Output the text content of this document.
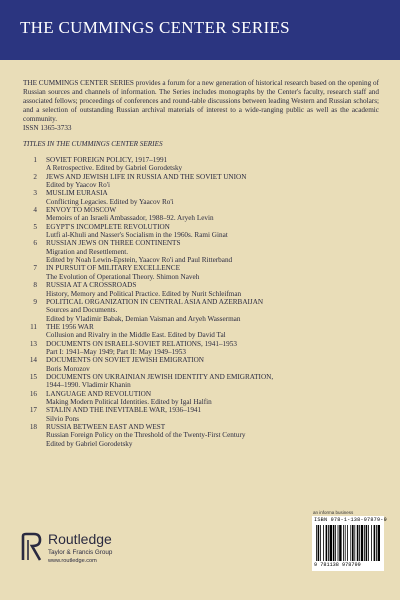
THE CUMMINGS CENTER SERIES
THE CUMMINGS CENTER SERIES provides a forum for a new generation of historical research based on the opening of Russian sources and channels of information. The Series includes monographs by the Center's faculty, research staff and associated fellows; proceedings of conferences and round-table discussions between leading Western and Russian scholars; and a selection of outstanding Russian archival materials of interest to a wide-ranging public as well as the academic community.
ISSN 1365-3733
TITLES IN THE CUMMINGS CENTER SERIES
1 SOVIET FOREIGN POLICY, 1917–1991
A Retrospective. Edited by Gabriel Gorodetsky
2 JEWS AND JEWISH LIFE IN RUSSIA AND THE SOVIET UNION
Edited by Yaacov Ro'i
3 MUSLIM EURASIA
Conflicting Legacies. Edited by Yaacov Ro'i
4 ENVOY TO MOSCOW
Memoirs of an Israeli Ambassador, 1988–92. Aryeh Levin
5 EGYPT'S INCOMPLETE REVOLUTION
Lutfi al-Khuli and Nasser's Socialism in the 1960s. Rami Ginat
6 RUSSIAN JEWS ON THREE CONTINENTS
Migration and Resettlement.
Edited by Noah Lewin-Epstein, Yaacov Ro'i and Paul Ritterband
7 IN PURSUIT OF MILITARY EXCELLENCE
The Evolution of Operational Theory. Shimon Naveh
8 RUSSIA AT A CROSSROADS
History, Memory and Political Practice. Edited by Nurit Schleifman
9 POLITICAL ORGANIZATION IN CENTRAL ASIA AND AZERBAIJAN
Sources and Documents.
Edited by Vladimir Babak, Demian Vaisman and Aryeh Wasserman
11 THE 1956 WAR
Collusion and Rivalry in the Middle East. Edited by David Tal
13 DOCUMENTS ON ISRAELI-SOVIET RELATIONS, 1941–1953
Part I: 1941–May 1949; Part II: May 1949–1953
14 DOCUMENTS ON SOVIET JEWISH EMIGRATION
Boris Morozov
15 DOCUMENTS ON UKRAINIAN JEWISH IDENTITY AND EMIGRATION,
1944–1990. Vladimir Khanin
16 LANGUAGE AND REVOLUTION
Making Modern Political Identities. Edited by Igal Halfin
17 STALIN AND THE INEVITABLE WAR, 1936–1941
Silvio Pons
18 RUSSIA BETWEEN EAST AND WEST
Russian Foreign Policy on the Threshold of the Twenty-First Century
Edited by Gabriel Gorodetsky
an informa business
ISBN 978-1-138-97879-9
9 781138 978799
Routledge
Taylor & Francis Group
www.routledge.com
